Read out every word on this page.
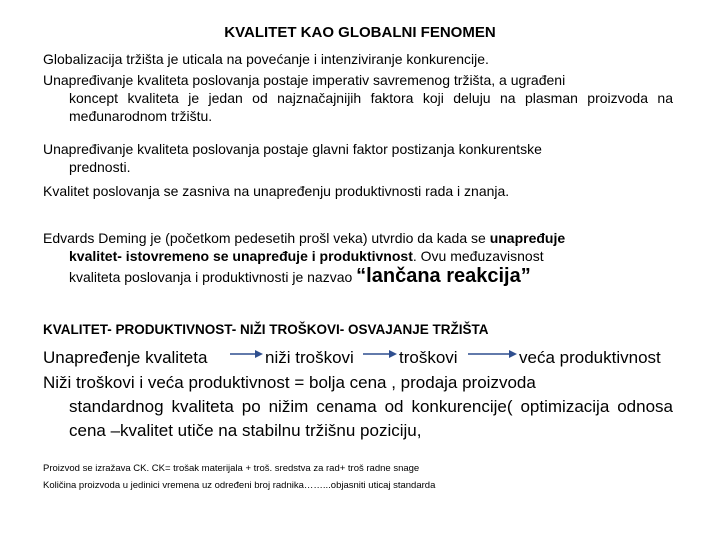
KVALITET KAO GLOBALNI FENOMEN
Globalizacija tržišta je uticala na povećanje i intenziviranje konkurencije.
Unapređivanje kvaliteta poslovanja postaje imperativ savremenog tržišta, a ugrađeni
koncept kvaliteta je jedan od najznačajnijih faktora koji deluju na plasman proizvoda na međunarodnom tržištu.
Unapređivanje kvaliteta poslovanja postaje glavni faktor postizanja konkurentske
prednosti.
Kvalitet poslovanja se zasniva na unapređenju produktivnosti rada i znanja.
Edvards Deming je (početkom pedesetih prošl veka) utvrdio da kada se unapređuje
kvalitet- istovremeno se unapređuje i produktivnost. Ovu međuzavisnost
kvaliteta poslovanja i produktivnosti je nazvao “lančana reakcija”
KVALITET- PRODUKTIVNOST- NIŽI TROŠKOVI- OSVAJANJE TRŽIŠTA
Unapređenje kvaliteta	niži troškovi	troškovi	veća produktivnost
Niži troškovi i veća produktivnost = bolja cena , prodaja proizvoda
standardnog kvaliteta po nižim cenama od konkurencije( optimizacija odnosa cena –kvalitet utiče na stabilnu tržišnu poziciju,
Proizvod se izražava CK. CK= trošak materijala + troš. sredstva za rad+ troš radne snage
Količina proizvoda u jedinici vremena uz određeni broj radnika……...objasniti uticaj standarda
